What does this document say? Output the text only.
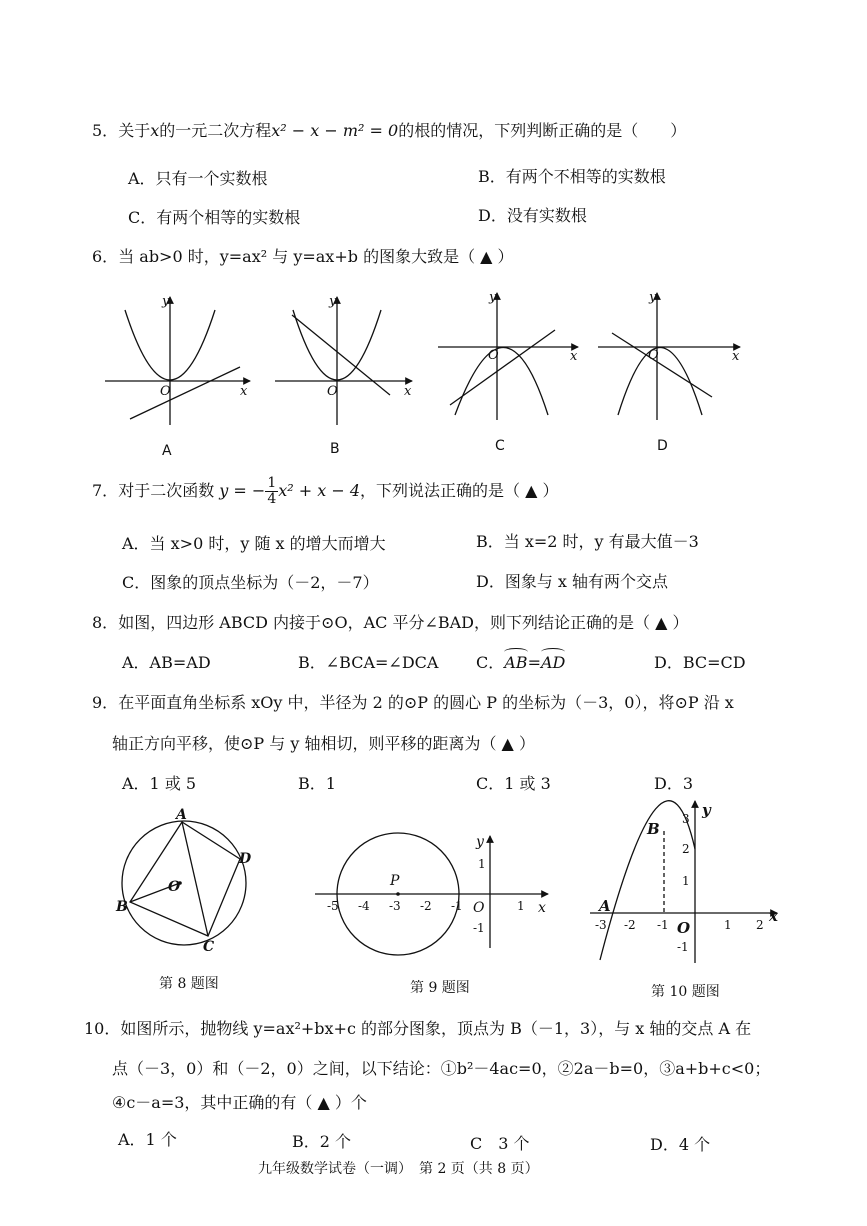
5．关于x的一元二次方程x² − x − m² = 0的根的情况，下列判断正确的是（　　）
A．只有一个实数根	B．有两个不相等的实数根
C．有两个相等的实数根	D．没有实数根
6．当 ab>0 时，y=ax² 与 y=ax+b 的图象大致是（ ▲ ）
y
x
O
y
x
O
y
x
O
y
x
O
A	B	C	D
7．对于二次函数 y = − $\frac{1}{4} x^2 + x - 4$，下列说法正确的是（ ▲ ）
A．当 x>0 时，y 随 x 的增大而增大	B．当 x=2 时，y 有最大值－3
C．图象的顶点坐标为（－2，－7）	D．图象与 x 轴有两个交点
8．如图，四边形 ABCD 内接于⊙O，AC 平分∠BAD，则下列结论正确的是（ ▲ ）
A．AB=AD	B．∠BCA=∠DCA C．AB=AD	D．BC=CD
9．在平面直角坐标系 xOy 中，半径为 2 的⊙P 的圆心 P 的坐标为（－3，0），将⊙P 沿 x
轴正方向平移，使⊙P 与 y 轴相切，则平移的距离为（ ▲ ）
A．1 或 5	B．1	C．1 或 3	D．3
A
B
C
D
O
第 8 题图
-5 -4 -3 -2 -1	1
1
-1
P
O	x
y
第 9 题图
-3 -2 -1	1 2
3
2
1
-1
A
B
O
x
y
第 10 题图
10．如图所示，抛物线 y=ax²+bx+c 的部分图象，顶点为 B（－1，3），与 x 轴的交点 A 在
点（－3，0）和（－2，0）之间，以下结论：①b²－4ac=0，②2a－b=0，③a+b+c<0；
④c－a=3，其中正确的有（ ▲ ）个
A．1 个	B．2 个	C　3 个	D．4 个
九年级数学试卷（一调）　第 2 页（共 8 页）
